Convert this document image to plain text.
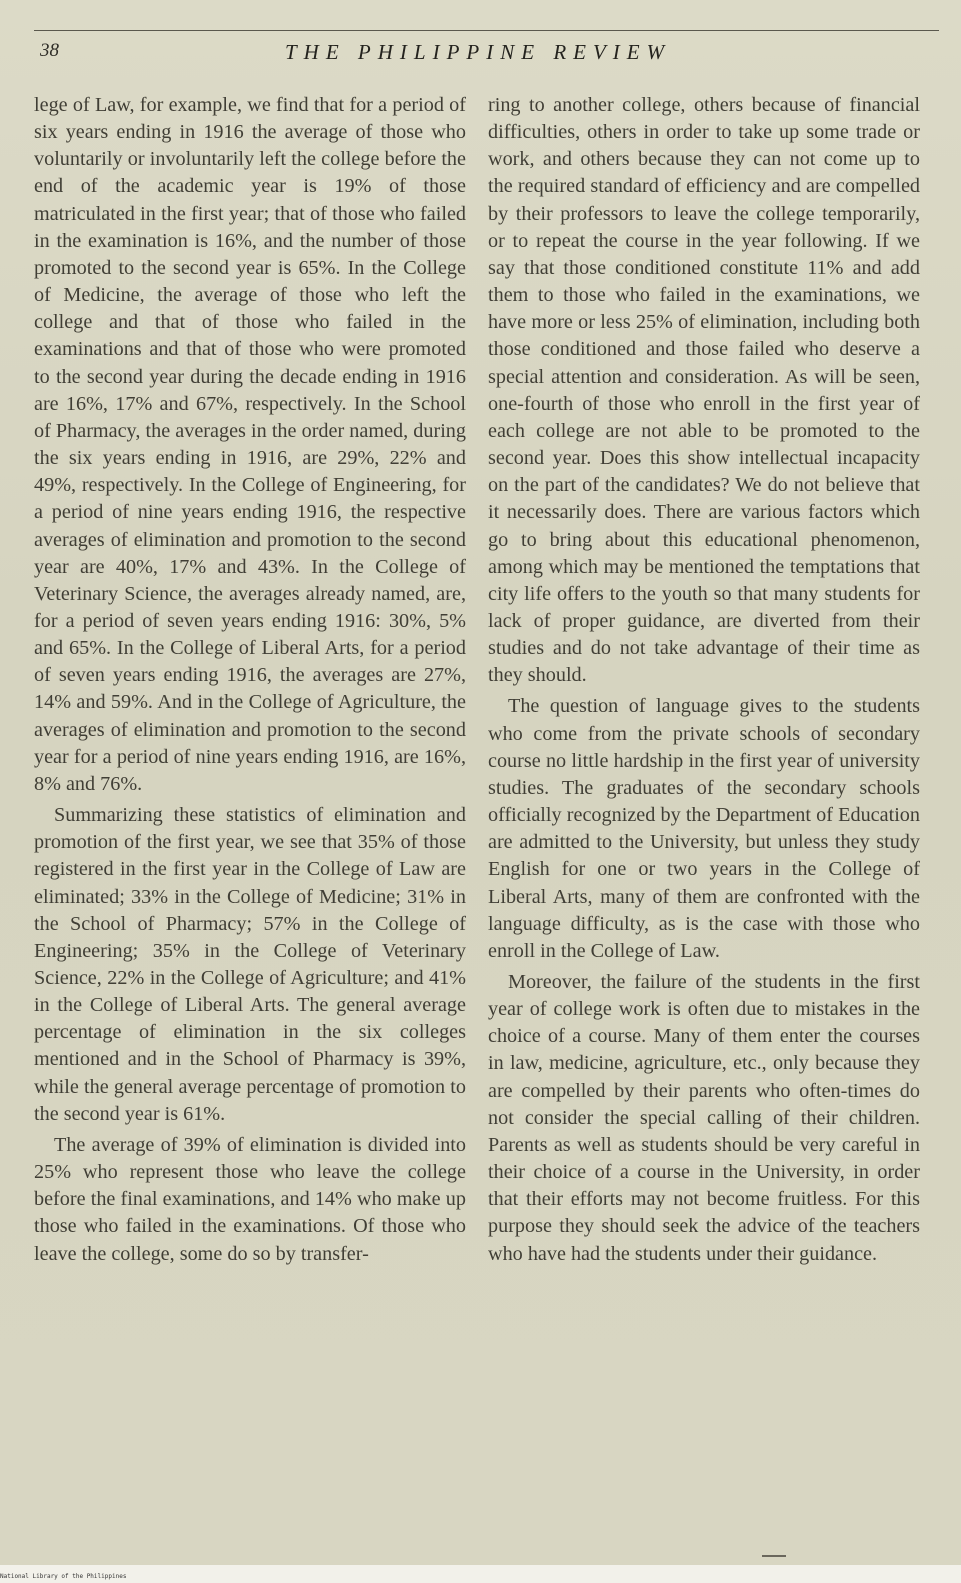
38	THE PHILIPPINE REVIEW

lege of Law, for example, we find that for a period of six years ending in 1916 the average of those who voluntarily or involuntarily left the college before the end of the academic year is 19% of those matriculated in the first year; that of those who failed in the examination is 16%, and the number of those promoted to the second year is 65%. In the College of Medicine, the average of those who left the college and that of those who failed in the examinations and that of those who were promoted to the second year during the decade ending in 1916 are 16%, 17% and 67%, respectively. In the School of Pharmacy, the averages in the order named, during the six years ending in 1916, are 29%, 22% and 49%, respectively. In the College of Engineering, for a period of nine years ending 1916, the respective averages of elimination and promotion to the second year are 40%, 17% and 43%. In the College of Veterinary Science, the averages already named, are, for a period of seven years ending 1916: 30%, 5% and 65%. In the College of Liberal Arts, for a period of seven years ending 1916, the averages are 27%, 14% and 59%. And in the College of Agriculture, the averages of elimination and promotion to the second year for a period of nine years ending 1916, are 16%, 8% and 76%.

Summarizing these statistics of elimination and promotion of the first year, we see that 35% of those registered in the first year in the College of Law are eliminated; 33% in the College of Medicine; 31% in the School of Pharmacy; 57% in the College of Engineering; 35% in the College of Veterinary Science, 22% in the College of Agriculture; and 41% in the College of Liberal Arts. The general average percentage of elimination in the six colleges mentioned and in the School of Pharmacy is 39%, while the general average percentage of promotion to the second year is 61%.

The average of 39% of elimination is divided into 25% who represent those who leave the college before the final examinations, and 14% who make up those who failed in the examinations. Of those who leave the college, some do so by transfer-

ring to another college, others because of financial difficulties, others in order to take up some trade or work, and others because they can not come up to the required standard of efficiency and are compelled by their professors to leave the college temporarily, or to repeat the course in the year following. If we say that those conditioned constitute 11% and add them to those who failed in the examinations, we have more or less 25% of elimination, including both those conditioned and those failed who deserve a special attention and consideration. As will be seen, one-fourth of those who enroll in the first year of each college are not able to be promoted to the second year. Does this show intellectual incapacity on the part of the candidates? We do not believe that it necessarily does. There are various factors which go to bring about this educational phenomenon, among which may be mentioned the temptations that city life offers to the youth so that many students for lack of proper guidance, are diverted from their studies and do not take advantage of their time as they should.

The question of language gives to the students who come from the private schools of secondary course no little hardship in the first year of university studies. The graduates of the secondary schools officially recognized by the Department of Education are admitted to the University, but unless they study English for one or two years in the College of Liberal Arts, many of them are confronted with the language difficulty, as is the case with those who enroll in the College of Law.

Moreover, the failure of the students in the first year of college work is often due to mistakes in the choice of a course. Many of them enter the courses in law, medicine, agriculture, etc., only because they are compelled by their parents who often-times do not consider the special calling of their children. Parents as well as students should be very careful in their choice of a course in the University, in order that their efforts may not become fruitless. For this purpose they should seek the advice of the teachers who have had the students under their guidance.

National Library of the Philippines
